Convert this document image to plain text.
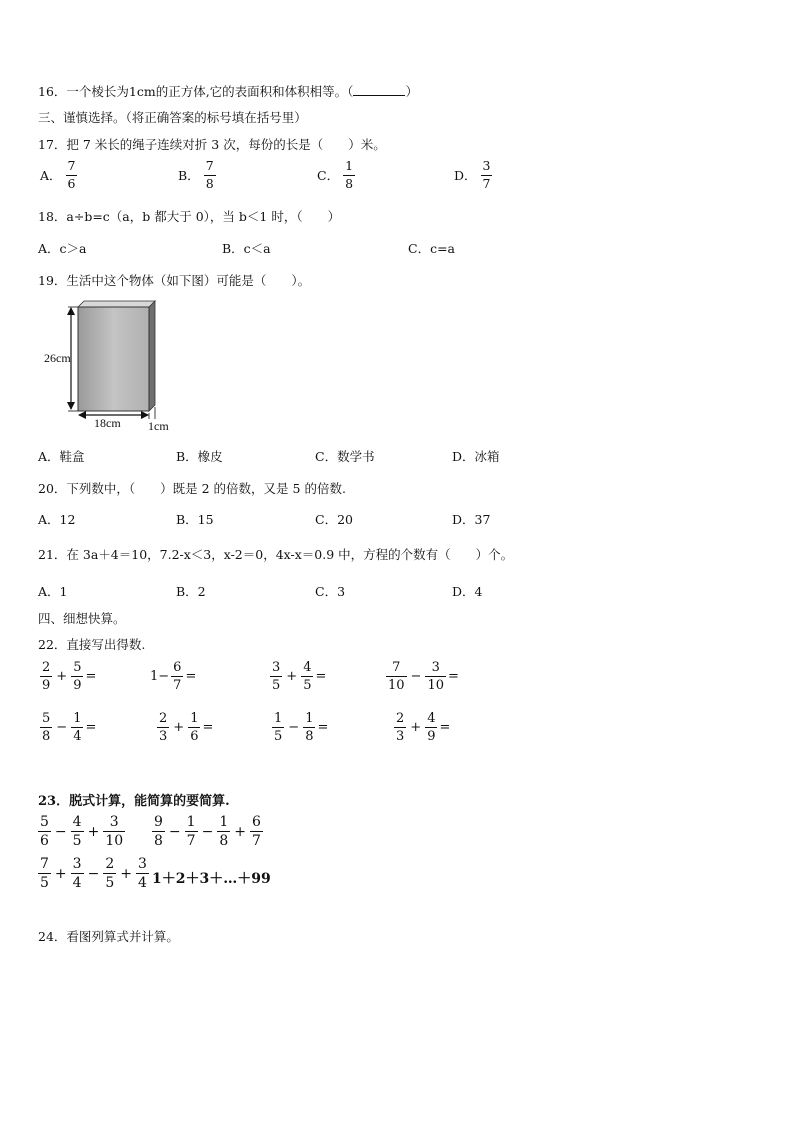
16．一个棱长为1cm的正方体,它的表面积和体积相等。（	）
三、谨慎选择。（将正确答案的标号填在括号里）
17．把 7 米长的绳子连续对折 3 次，每份的长是（　　）米。
A． $\frac{7}{6}$	B． $\frac{7}{8}$	C． $\frac{1}{8}$	D． $\frac{3}{7}$
18．a÷b=c（a，b 都大于 0），当 b＜1 时，（　　）
A．c＞a	B．c＜a	C．c=a
19．生活中这个物体（如下图）可能是（　　）。
26cm
18cm 1cm
A．鞋盒	B．橡皮	C．数学书	D．冰箱
20．下列数中，（　　）既是 2 的倍数，又是 5 的倍数.
A．12	B．15	C．20	D．37
21．在 3a＋4＝10，7.2-x＜3，x-2＝0，4x-x＝0.9 中，方程的个数有（　　）个。
A．1	B．2	C．3	D．4
四、细想快算。
22．直接写出得数.
$\frac{2}{9} + \frac{5}{9}$ =	$1- \frac{6}{7}$ =	$\frac{3}{5} + \frac{4}{5}$ =	$\frac{7}{10} - \frac{3}{10}$ =
$\frac{5}{8} - \frac{1}{4}$ =	$\frac{2}{3} + \frac{1}{6}$ =	$\frac{1}{5} - \frac{1}{8}$ =	$\frac{2}{3} + \frac{4}{9}$ =
23．脱式计算，能简算的要简算.
$\frac{5}{6} - \frac{4}{5} + \frac{3}{10} \frac{9}{8} - \frac{1}{7} - \frac{1}{8} + \frac{6}{7}$
$\frac{7}{5} + \frac{3}{4} - \frac{2}{5} + \frac{3}{4}$ 1＋2＋3＋…＋99
24．看图列算式并计算。
